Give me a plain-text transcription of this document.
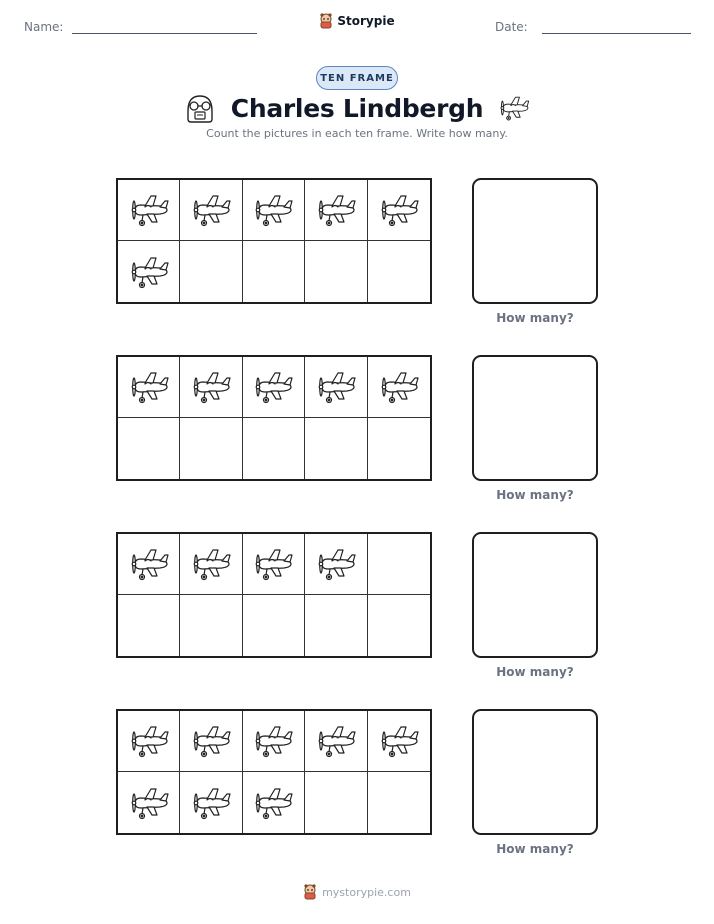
Name:	Storypie	Date:
TEN FRAME
Charles Lindbergh
Count the pictures in each ten frame. Write how many.
How many?
How many?
How many?
How many?
mystorypie.com
